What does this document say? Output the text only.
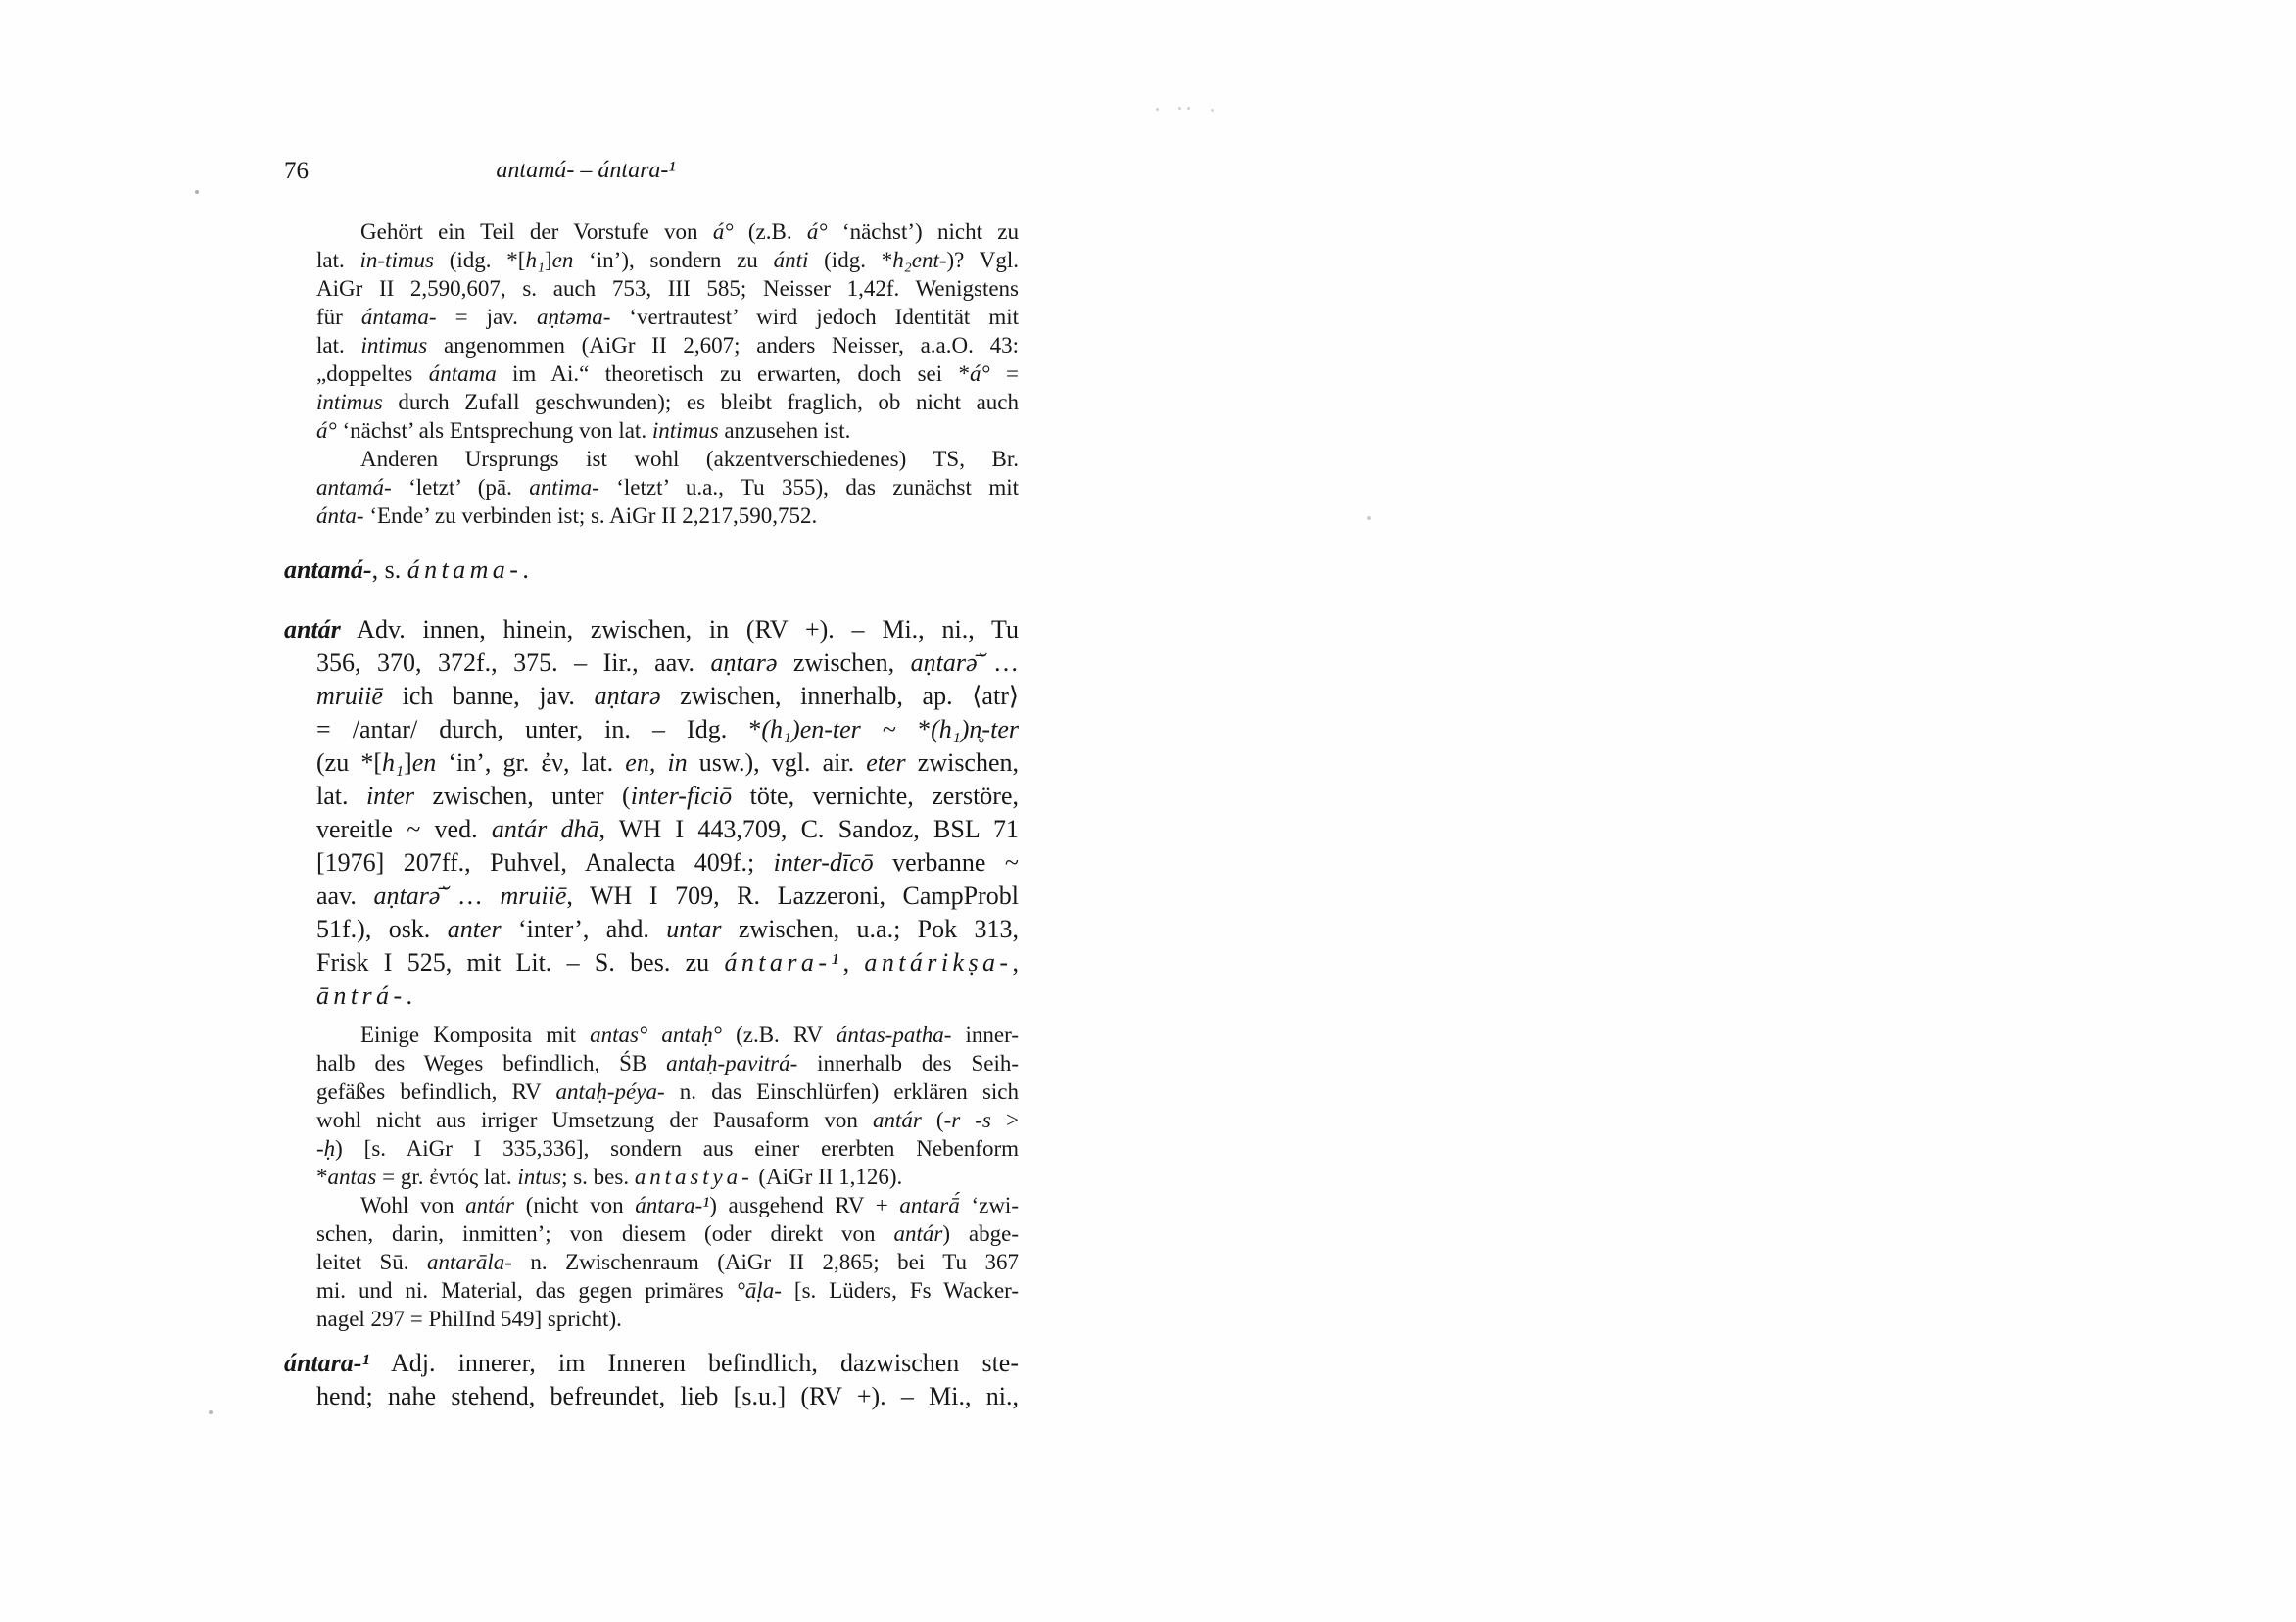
76	antamá- – ántara-¹
Gehört ein Teil der Vorstufe von á° (z.B. á° ‘nächst’) nicht zu
lat. in-timus (idg. *[h₁]en ‘in’), sondern zu ánti (idg. *h₂ent-)? Vgl.
AiGr II 2,590,607, s. auch 753, III 585; Neisser 1,42f. Wenigstens
für ántama- = jav. aṇtəma- ‘vertrautest’ wird jedoch Identität mit
lat. intimus angenommen (AiGr II 2,607; anders Neisser, a.a.O. 43:
„doppeltes ántama im Ai.“ theoretisch zu erwarten, doch sei *á° =
intimus durch Zufall geschwunden); es bleibt fraglich, ob nicht auch
á° ‘nächst’ als Entsprechung von lat. intimus anzusehen ist.
Anderen Ursprungs ist wohl (akzentverschiedenes) TS, Br.
antamá- ‘letzt’ (pā. antima- ‘letzt’ u.a., Tu 355), das zunächst mit
ánta- ‘Ende’ zu verbinden ist; s. AiGr II 2,217,590,752.
antamá-, s. ántama-.
antár Adv. innen, hinein, zwischen, in (RV +). – Mi., ni., Tu
356, 370, 372f., 375. – Iir., aav. aṇtarə zwischen, aṇtarə̄̆ …
mruiiē ich banne, jav. aṇtarə zwischen, innerhalb, ap. ⟨atr⟩
= /antar/ durch, unter, in. – Idg. *(h₁)en-ter ~ *(h₁)n̥-ter
(zu *[h₁]en ‘in’, gr. ἐν, lat. en, in usw.), vgl. air. eter zwischen,
lat. inter zwischen, unter (inter-ficiō töte, vernichte, zerstöre,
vereitle ~ ved. antár dhā, WH I 443,709, C. Sandoz, BSL 71
[1976] 207ff., Puhvel, Analecta 409f.; inter-dīcō verbanne ~
aav. aṇtarə̄̆ … mruiiē, WH I 709, R. Lazzeroni, CampProbl
51f.), osk. anter ‘inter’, ahd. untar zwischen, u.a.; Pok 313,
Frisk I 525, mit Lit. – S. bes. zu ántara-¹, antárikṣa-,
āntrá-.
Einige Komposita mit antas° antaḥ° (z.B. RV ántas-patha- inner-
halb des Weges befindlich, ŚB antaḥ-pavitrá- innerhalb des Seih-
gefäßes befindlich, RV antaḥ-péya- n. das Einschlürfen) erklären sich
wohl nicht aus irriger Umsetzung der Pausaform von antár (-r -s >
-ḥ) [s. AiGr I 335,336], sondern aus einer ererbten Nebenform
*antas = gr. ἐντός lat. intus; s. bes. antastya- (AiGr II 1,126).
Wohl von antár (nicht von ántara-¹) ausgehend RV + antarā́ ‘zwi-
schen, darin, inmitten’; von diesem (oder direkt von antár) abge-
leitet Sū. antarāla- n. Zwischenraum (AiGr II 2,865; bei Tu 367
mi. und ni. Material, das gegen primäres °āḷa- [s. Lüders, Fs Wacker-
nagel 297 = PhilInd 549] spricht).
ántara-¹ Adj. innerer, im Inneren befindlich, dazwischen ste-
hend; nahe stehend, befreundet, lieb [s.u.] (RV +). – Mi., ni.,
